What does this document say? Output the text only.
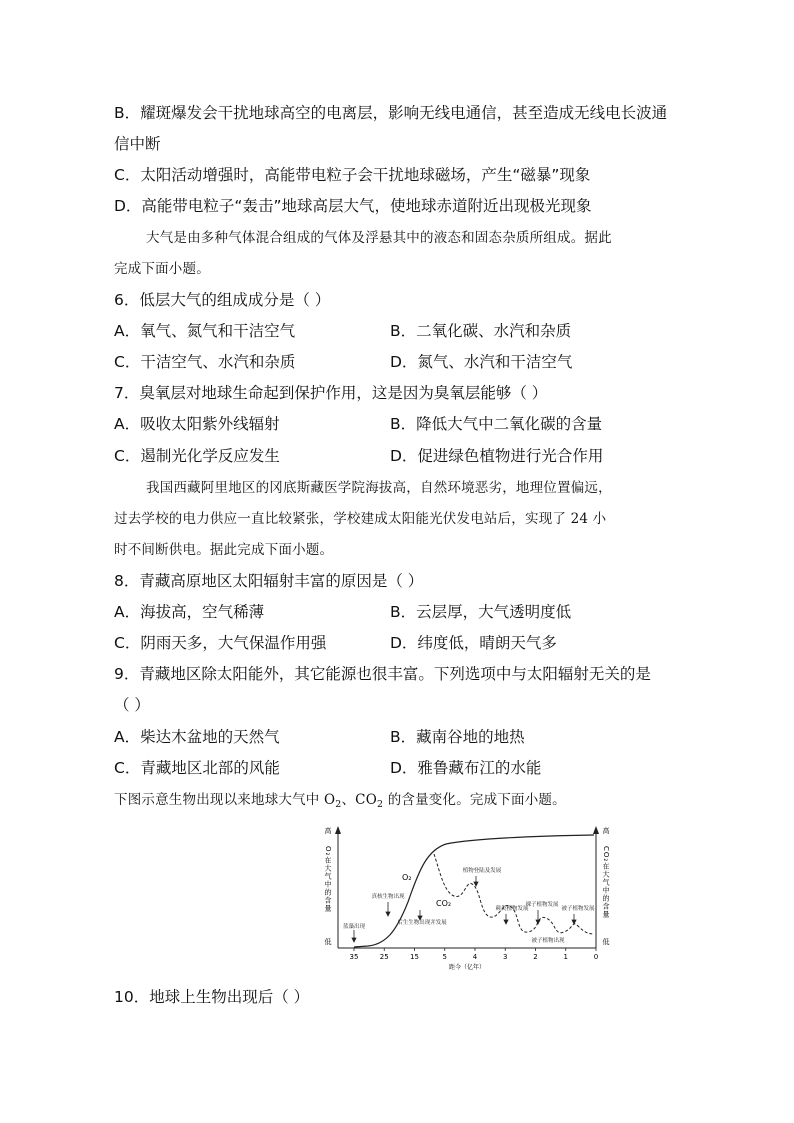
B．耀斑爆发会干扰地球高空的电离层，影响无线电通信，甚至造成无线电长波通
信中断
C．太阳活动增强时，高能带电粒子会干扰地球磁场，产生“磁暴”现象
D．高能带电粒子“轰击”地球高层大气，使地球赤道附近出现极光现象
大气是由多种气体混合组成的气体及浮悬其中的液态和固态杂质所组成。据此
完成下面小题。
6．低层大气的组成成分是（ ）
A．氧气、氮气和干洁空气	B．二氧化碳、水汽和杂质
C．干洁空气、水汽和杂质	D．氮气、水汽和干洁空气
7．臭氧层对地球生命起到保护作用，这是因为臭氧层能够（ ）
A．吸收太阳紫外线辐射	B．降低大气中二氧化碳的含量
C．遏制光化学反应发生	D．促进绿色植物进行光合作用
我国西藏阿里地区的冈底斯藏医学院海拔高，自然环境恶劣，地理位置偏远，
过去学校的电力供应一直比较紧张，学校建成太阳能光伏发电站后，实现了 24 小
时不间断供电。据此完成下面小题。
8．青藏高原地区太阳辐射丰富的原因是（ ）
A．海拔高，空气稀薄	B．云层厚，大气透明度低
C．阴雨天多，大气保温作用强	D．纬度低，晴朗天气多
9．青藏地区除太阳能外，其它能源也很丰富。下列选项中与太阳辐射无关的是
（ ）
A．柴达木盆地的天然气	B．藏南谷地的地热
C．青藏地区北部的风能	D．雅鲁藏布江的水能
下图示意生物出现以来地球大气中 $O_2$、$CO_2$ 的含量变化。完成下面小题。
高
低
高
低
O₂在大气中的含量	CO₂在大气中的含量
35	25	15	5	4	3	2	1	0
距今（亿年）
O₂
CO₂
蓝藻出现
真核生物出现
后生生物出现并发展
植物登陆及发展
蕨类植物发展
裸子植物发展
被子植物发展
被子植物出现
10．地球上生物出现后（ ）
